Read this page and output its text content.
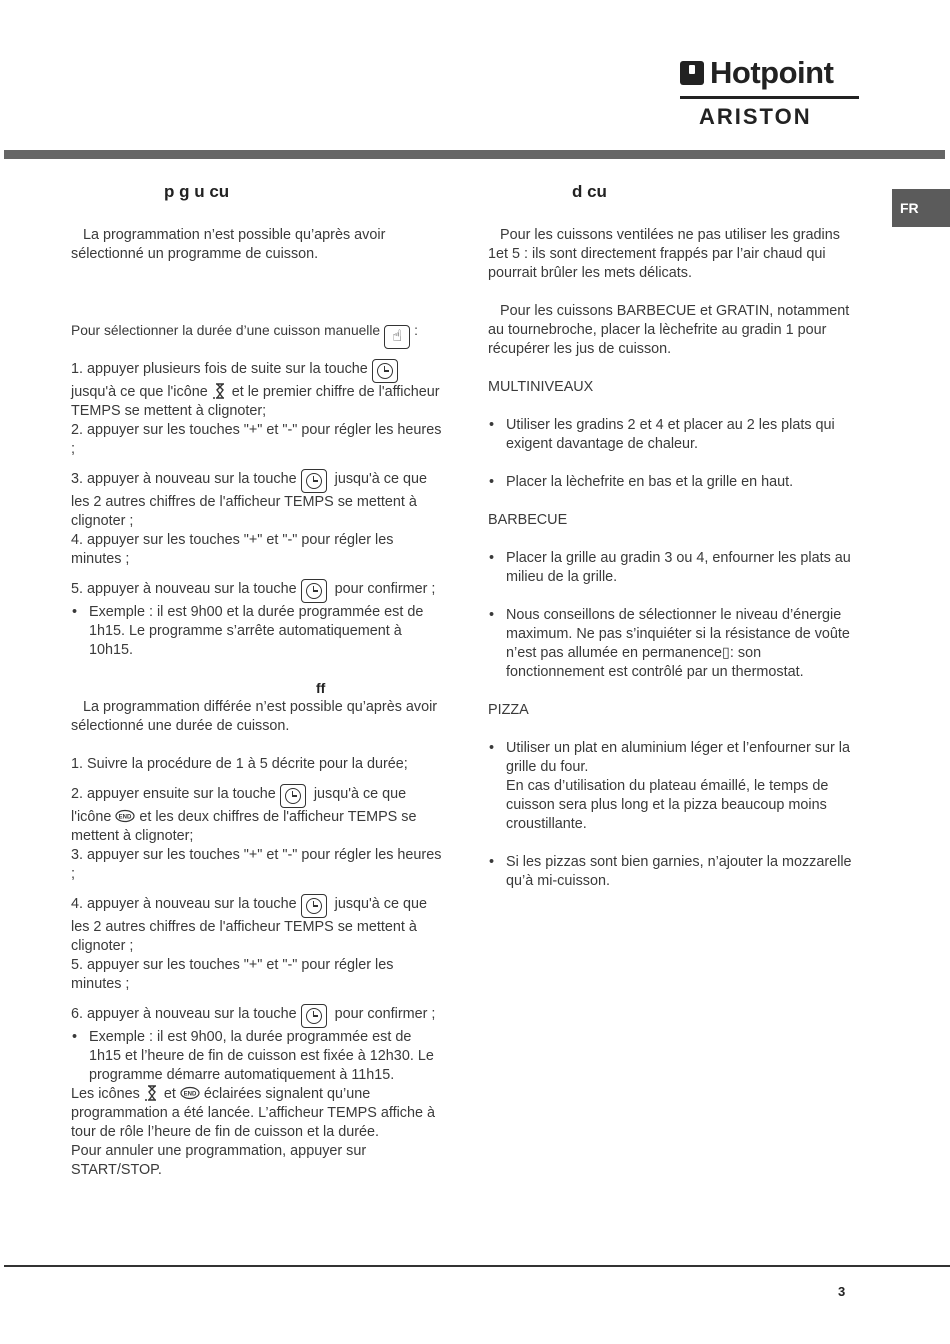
Hotpoint
ARISTON
FR
p g u cu

La programmation n’est possible qu’après avoir sélectionné un programme de cuisson.

Pour sélectionner la durée d’une cuisson manuelle ☝ :

1. appuyer plusieurs fois de suite sur la touche
jusqu'à ce que l'icône et le premier chiffre de l'afficheur TEMPS se mettent à clignoter;

2. appuyer sur les touches "+" et "-" pour régler les heures ;

3. appuyer à nouveau sur la touche	jusqu'à ce que les 2 autres chiffres de l'afficheur TEMPS se mettent à clignoter ;

4. appuyer sur les touches "+" et "-" pour régler les minutes ;

5. appuyer à nouveau sur la touche	pour confirmer ;

• Exemple : il est 9h00 et la durée programmée est de 1h15. Le programme s’arrête automatiquement à 10h15.

ff

La programmation différée n’est possible qu’après avoir sélectionné une durée de cuisson.

1. Suivre la procédure de 1 à 5 décrite pour la durée;

2. appuyer ensuite sur la touche	jusqu'à ce que l'icône END et les deux chiffres de l'afficheur TEMPS se mettent à clignoter;

3. appuyer sur les touches "+" et "-" pour régler les heures ;

4. appuyer à nouveau sur la touche	jusqu'à ce que les 2 autres chiffres de l'afficheur TEMPS se mettent à clignoter ;

5. appuyer sur les touches "+" et "-" pour régler les minutes ;

6. appuyer à nouveau sur la touche	pour confirmer ;

• Exemple : il est 9h00, la durée programmée est de 1h15 et l’heure de fin de cuisson est fixée à 12h30. Le programme démarre automatiquement à 11h15.

Les icônes et END éclairées signalent qu’une programmation a été lancée. L’afficheur TEMPS affiche à tour de rôle l’heure de fin de cuisson et la durée.

Pour annuler une programmation, appuyer sur START/STOP.

d cu

Pour les cuissons ventilées ne pas utiliser les gradins 1et 5 : ils sont directement frappés par l’air chaud qui pourrait brûler les mets délicats.

Pour les cuissons BARBECUE et GRATIN, notamment au tournebroche, placer la lèchefrite au gradin 1 pour récupérer les jus de cuisson.

MULTINIVEAUX

• Utiliser les gradins 2 et 4 et placer au 2 les plats qui exigent davantage de chaleur.

• Placer la lèchefrite en bas et la grille en haut.

BARBECUE

• Placer la grille au gradin 3 ou 4, enfourner les plats au milieu de la grille.

• Nous conseillons de sélectionner le niveau d’énergie maximum. Ne pas s’inquiéter si la résistance de voûte n’est pas allumée en permanence▯: son fonctionnement est contrôlé par un thermostat.

PIZZA

• Utiliser un plat en aluminium léger et l’enfourner sur la grille du four.

En cas d’utilisation du plateau émaillé, le temps de cuisson sera plus long et la pizza beaucoup moins croustillante.

• Si les pizzas sont bien garnies, n’ajouter la mozzarelle qu’à mi-cuisson.

3
